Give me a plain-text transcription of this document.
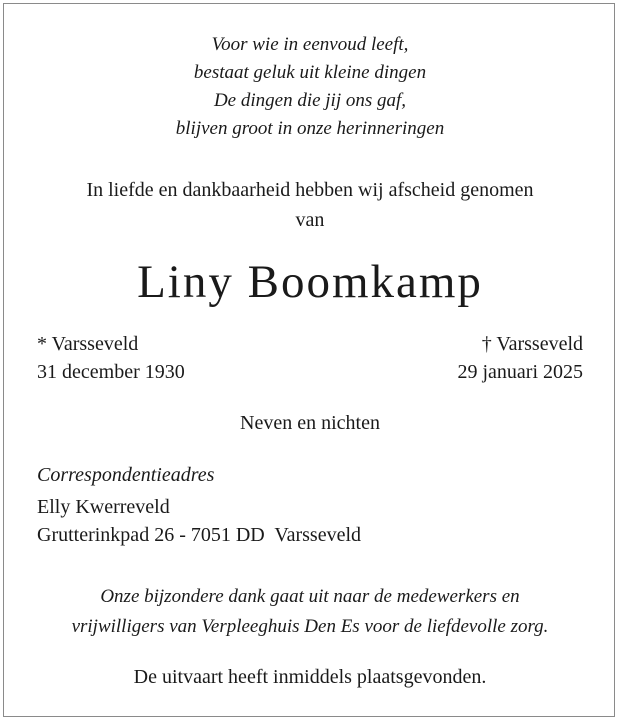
Voor wie in eenvoud leeft,
bestaat geluk uit kleine dingen
De dingen die jij ons gaf,
blijven groot in onze herinneringen
In liefde en dankbaarheid hebben wij afscheid genomen
van
Liny Boomkamp
* Varsseveld
31 december 1930
† Varsseveld
29 januari 2025
Neven en nichten
Correspondentieadres
Elly Kwerreveld
Grutterinkpad 26 - 7051 DD  Varsseveld
Onze bijzondere dank gaat uit naar de medewerkers en
vrijwilligers van Verpleeghuis Den Es voor de liefdevolle zorg.
De uitvaart heeft inmiddels plaatsgevonden.
